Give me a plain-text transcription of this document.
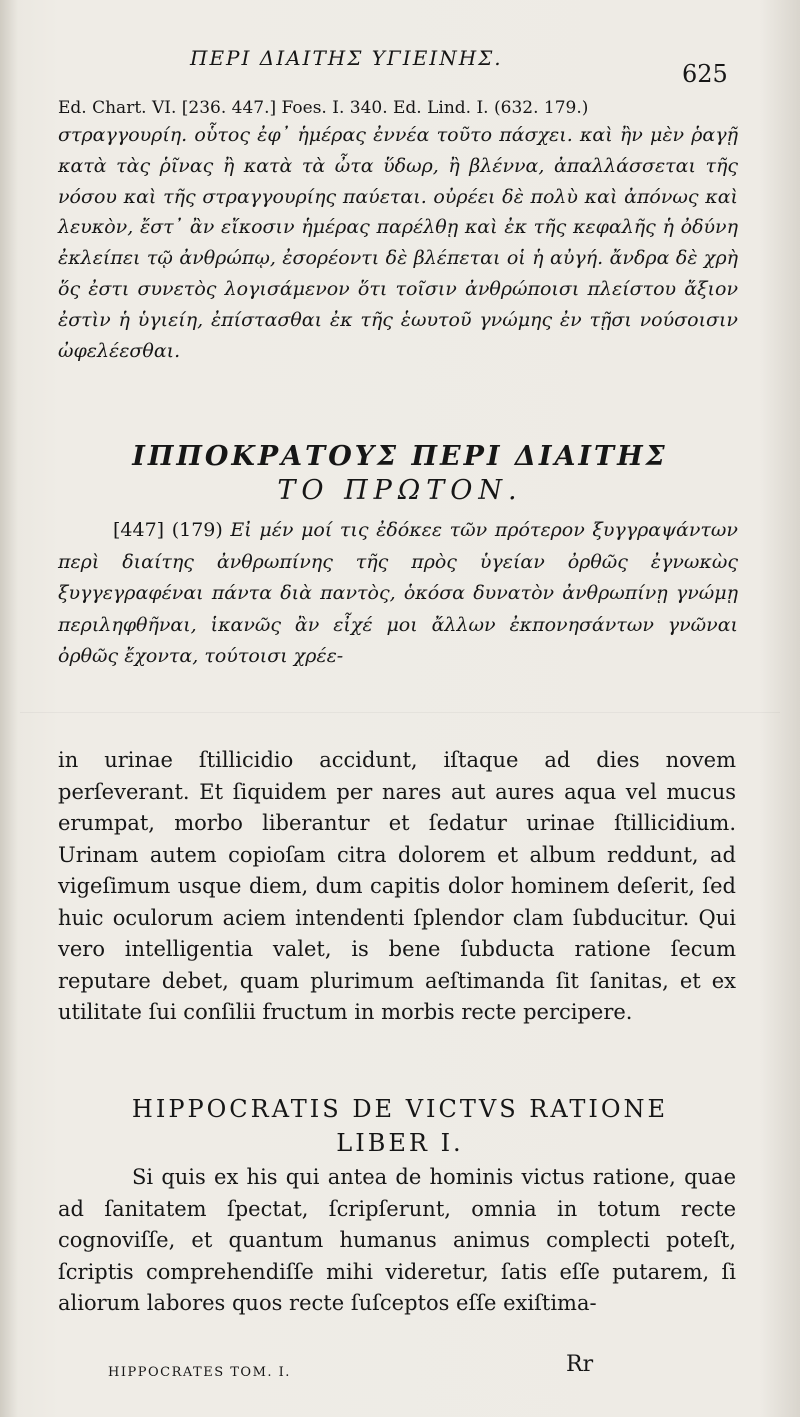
ΠΕΡΙ ΔΙΑΙΤΗΣ ΥΓΙΕΙΝΗΣ.
625
Ed. Chart. VI. [236. 447.] Foes. I. 340. Ed. Lind. I. (632. 179.)

στραγγουρίη. οὗτος ἐφ᾽ ἡμέρας ἐννέα τοῦτο πάσχει. καὶ ἢν μὲν ῥαγῇ κατὰ τὰς ῥῖνας ἢ κατὰ τὰ ὦτα ὕδωρ, ἢ βλέννα, ἀπαλλάσσεται τῆς νόσου καὶ τῆς στραγγουρίης παύεται. οὐρέει δὲ πολὺ καὶ ἀπόνως καὶ λευκὸν, ἔστ᾽ ἂν εἴκοσιν ἡμέρας παρέλθῃ καὶ ἐκ τῆς κεφαλῆς ἡ ὀδύνη ἐκλείπει τῷ ἀνθρώπῳ, ἐσορέοντι δὲ βλέπεται οἱ ἡ αὐγή. ἄνδρα δὲ χρὴ ὅς ἐστι συνετὸς λογισάμενον ὅτι τοῖσιν ἀνθρώποισι πλείστου ἄξιον ἐστὶν ἡ ὑγιείη, ἐπίστασθαι ἐκ τῆς ἑωυτοῦ γνώμης ἐν τῇσι νούσοισιν ὠφελέεσθαι.

ΙΠΠΟΚΡΑΤΟΥΣ ΠΕΡΙ ΔΙΑΙΤΗΣ
ΤΟ ΠΡΩΤΟΝ.

[447] (179) Εἰ μέν μοί τις ἐδόκεε τῶν πρότερον ξυγγραψάντων περὶ διαίτης ἀνθρωπίνης τῆς πρὸς ὑγείαν ὀρθῶς ἐγνωκὼς ξυγγεγραφέναι πάντα διὰ παντὸς, ὁκόσα δυνατὸν ἀνθρωπίνῃ γνώμῃ περιληφθῆναι, ἱκανῶς ἂν εἶχέ μοι ἄλλων ἐκπονησάντων γνῶναι ὀρθῶς ἔχοντα, τούτοισι χρέε-

in urinae ſtillicidio accidunt, iſtaque ad dies novem perſeverant. Et ſiquidem per nares aut aures aqua vel mucus erumpat, morbo liberantur et ſedatur urinae ſtillicidium. Urinam autem copioſam citra dolorem et album reddunt, ad vigeſimum usque diem, dum capitis dolor hominem deſerit, ſed huic oculorum aciem intendenti ſplendor clam ſubducitur. Qui vero intelligentia valet, is bene ſubducta ratione ſecum reputare debet, quam plurimum aeſtimanda ſit ſanitas, et ex utilitate ſui conſilii fructum in morbis recte percipere.

HIPPOCRATIS DE VICTVS RATIONE
LIBER I.

Si quis ex his qui antea de hominis victus ratione, quae ad ſanitatem ſpectat, ſcripſerunt, omnia in totum recte cognoviſſe, et quantum humanus animus complecti poteſt, ſcriptis comprehendiſſe mihi videretur, ſatis eſſe putarem, ſi aliorum labores quos recte ſuſceptos eſſe exiſtima-

HIPPOCRATES TOM. I.	Rr
